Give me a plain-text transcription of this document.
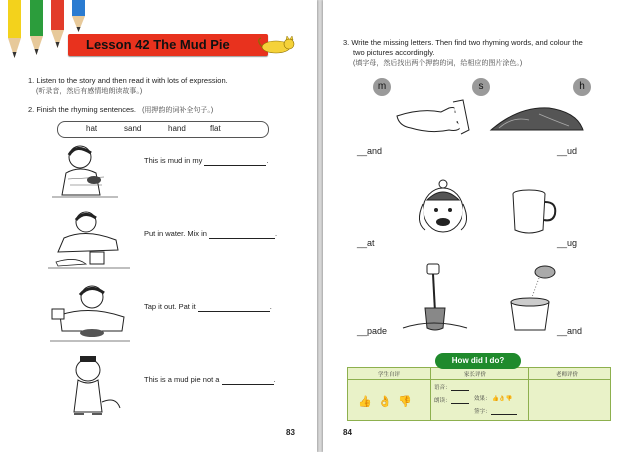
Lesson 42 The Mud Pie
1. Listen to the story and then read it with lots of expression.
(听录音，然后有感情地朗读故事。)
2. Finish the rhyming sentences. (用押韵的词补全句子。)
hat	sand	hand	flat
This is mud in my	.
Put in water. Mix in	.
Tap it out. Pat it	.
This is a mud pie not a	.
83
3. Write the missing letters. Then find two rhyming words, and colour the
two pictures accordingly.
(填字母，然后找出两个押韵的词，给相应的图片涂色。)
m	s	h
__and	__ud
__at	__ug
__pade	__and
学生自评	家长评价	老师评价
👍 👌 👎
语音：
朗读：	效果： 👍👌👎
签字：
How did I do?
84
